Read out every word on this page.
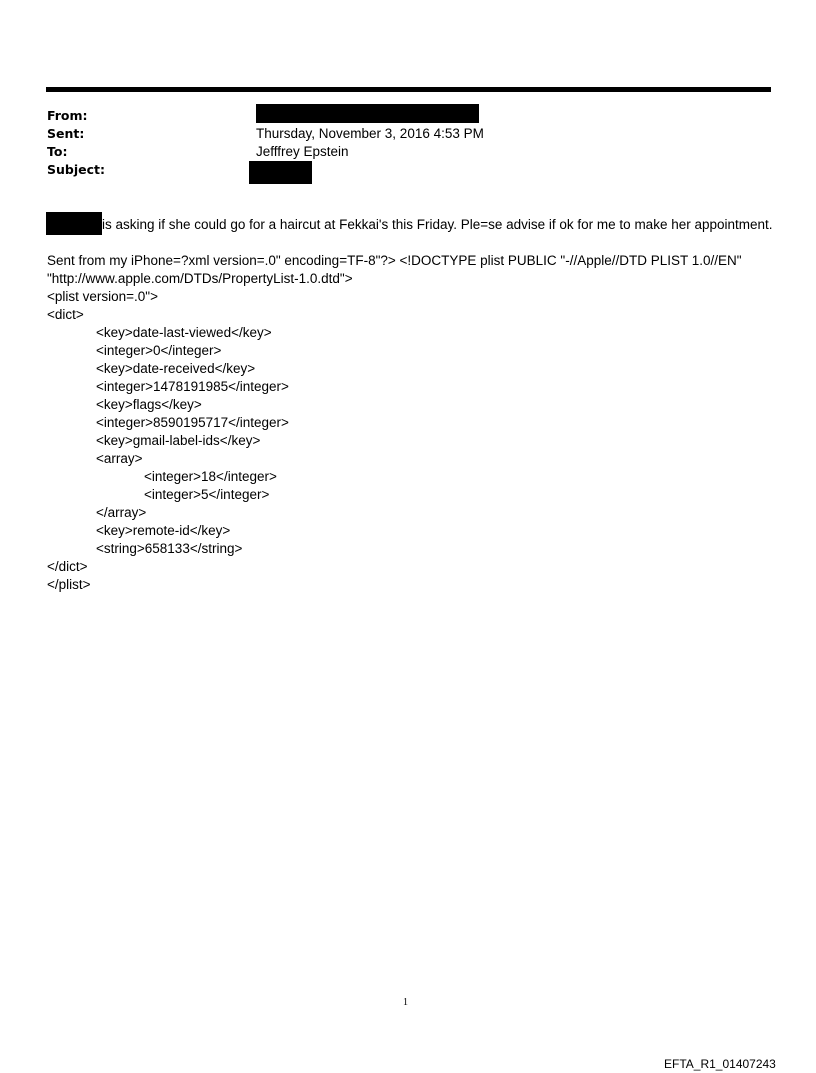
From:
Sent:	Thursday, November 3, 2016 4:53 PM
To:	Jefffrey Epstein
Subject:
is asking if she could go for a haircut at Fekkai's this Friday. Ple=se advise if ok for me to make her appointment.
Sent from my iPhone=?xml version=.0" encoding=TF-8"?> <!DOCTYPE plist PUBLIC "-//Apple//DTD PLIST 1.0//EN"
"http://www.apple.com/DTDs/PropertyList-1.0.dtd">
<plist version=.0">
<dict>
<key>date-last-viewed</key>
<integer>0</integer>
<key>date-received</key>
<integer>1478191985</integer>
<key>flags</key>
<integer>8590195717</integer>
<key>gmail-label-ids</key>
<array>
<integer>18</integer>
<integer>5</integer>
</array>
<key>remote-id</key>
<string>658133</string>
</dict>
</plist>
1
EFTA_R1_01407243
